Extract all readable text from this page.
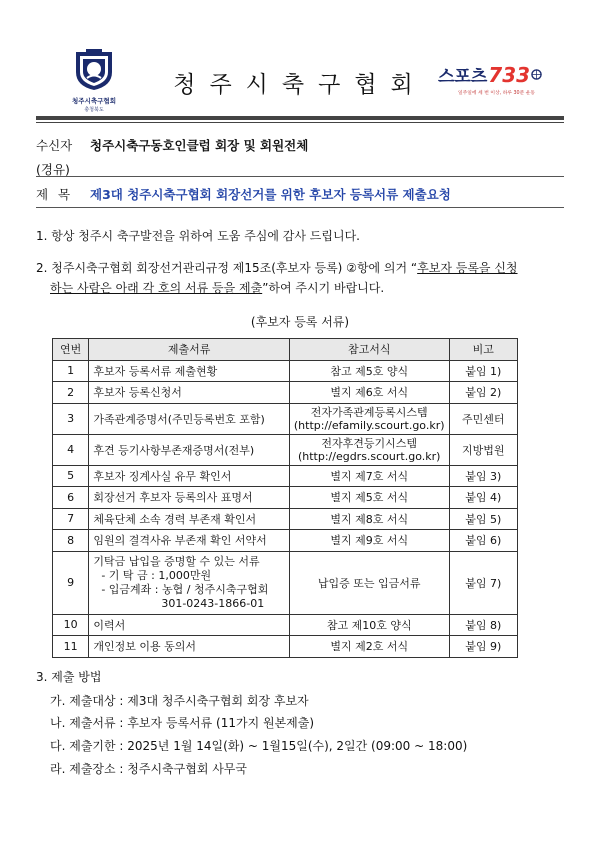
청주시축구협회
충청북도
청주시축구협회 스포츠 733
일주일에 세 번 이상, 하루 30분 운동
수신자 청주시축구동호인클럽 회장 및 회원전체
(경유)
제 목 제3대 청주시축구협회 회장선거를 위한 후보자 등록서류 제출요청
1. 항상 청주시 축구발전을 위하여 도움 주심에 감사 드립니다.
2. 청주시축구협회 회장선거관리규정 제15조(후보자 등록) ②항에 의거 “후보자 등록을 신청
하는 사람은 아래 각 호의 서류 등을 제출”하여 주시기 바랍니다.
(후보자 등록 서류)
연번	제출서류	참고서식	비고
1	후보자 등록서류 제출현황	참고 제5호 양식	붙임 1)
2	후보자 등록신청서	별지 제6호 서식	붙임 2)
3	가족관계증명서(주민등록번호 포함)	전자가족관계등록시스템
(http://efamily.scourt.go.kr)	주민센터
4	후견 등기사항부존재증명서(전부)	전자후견등기시스템
(http://egdrs.scourt.go.kr)	지방법원
5	후보자 징계사실 유무 확인서	별지 제7호 서식	붙임 3)
6	회장선거 후보자 등록의사 표명서	별지 제5호 서식	붙임 4)
7	체육단체 소속 경력 부존재 확인서	별지 제8호 서식	붙임 5)
8	임원의 결격사유 부존재 확인 서약서	별지 제9호 서식	붙임 6)
9	기탁금 납입을 증명할 수 있는 서류
- 기 탁 금 : 1,000만원
- 입금계좌 : 농협 / 청주시축구협회
301-0243-1866-01	납입증 또는 입금서류	붙임 7)
10	이력서	참고 제10호 양식	붙임 8)
11	개인정보 이용 동의서	별지 제2호 서식	붙임 9)
3. 제출 방법
가. 제출대상 : 제3대 청주시축구협회 회장 후보자
나. 제출서류 : 후보자 등록서류 (11가지 원본제출)
다. 제출기한 : 2025년 1월 14일(화) ~ 1월15일(수), 2일간 (09:00 ~ 18:00)
라. 제출장소 : 청주시축구협회 사무국
